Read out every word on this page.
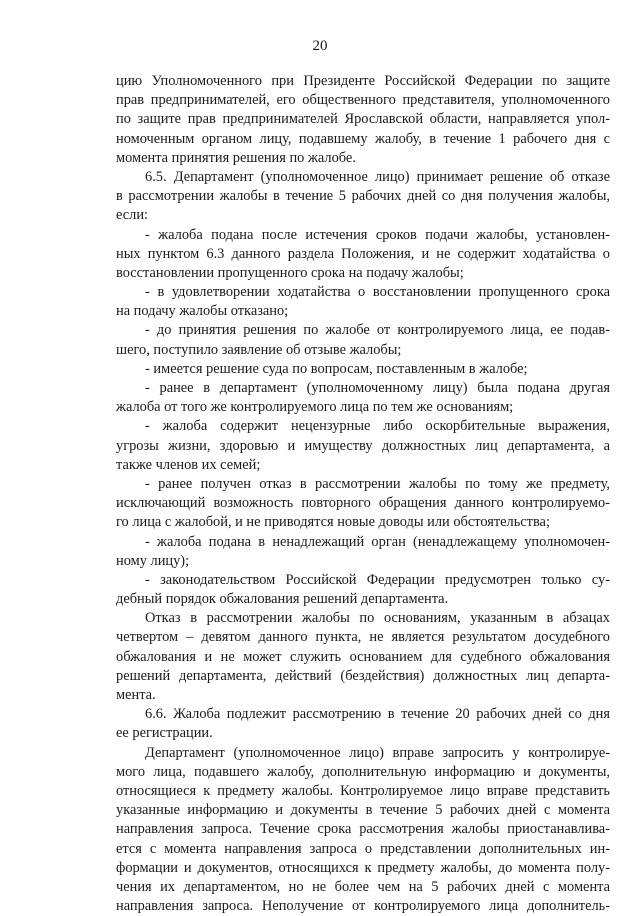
20
цию Уполномоченного при Президенте Российской Федерации по защите
прав предпринимателей, его общественного представителя, уполномоченного
по защите прав предпринимателей Ярославской области, направляется упол-
номоченным органом лицу, подавшему жалобу, в течение 1 рабочего дня с
момента принятия решения по жалобе.
6.5. Департамент (уполномоченное лицо) принимает решение об отказе
в рассмотрении жалобы в течение 5 рабочих дней со дня получения жалобы,
если:
- жалоба подана после истечения сроков подачи жалобы, установлен-
ных пунктом 6.3 данного раздела Положения, и не содержит ходатайства о
восстановлении пропущенного срока на подачу жалобы;
- в удовлетворении ходатайства о восстановлении пропущенного срока
на подачу жалобы отказано;
- до принятия решения по жалобе от контролируемого лица, ее подав-
шего, поступило заявление об отзыве жалобы;
- имеется решение суда по вопросам, поставленным в жалобе;
- ранее в департамент (уполномоченному лицу) была подана другая
жалоба от того же контролируемого лица по тем же основаниям;
- жалоба содержит нецензурные либо оскорбительные выражения,
угрозы жизни, здоровью и имуществу должностных лиц департамента, а
также членов их семей;
- ранее получен отказ в рассмотрении жалобы по тому же предмету,
исключающий возможность повторного обращения данного контролируемо-
го лица с жалобой, и не приводятся новые доводы или обстоятельства;
- жалоба подана в ненадлежащий орган (ненадлежащему уполномочен-
ному лицу);
- законодательством Российской Федерации предусмотрен только су-
дебный порядок обжалования решений департамента.
Отказ в рассмотрении жалобы по основаниям, указанным в абзацах
четвертом – девятом данного пункта, не является результатом досудебного
обжалования и не может служить основанием для судебного обжалования
решений департамента, действий (бездействия) должностных лиц департа-
мента.
6.6. Жалоба подлежит рассмотрению в течение 20 рабочих дней со дня
ее регистрации.
Департамент (уполномоченное лицо) вправе запросить у контролируе-
мого лица, подавшего жалобу, дополнительную информацию и документы,
относящиеся к предмету жалобы. Контролируемое лицо вправе представить
указанные информацию и документы в течение 5 рабочих дней с момента
направления запроса. Течение срока рассмотрения жалобы приостанавлива-
ется с момента направления запроса о представлении дополнительных ин-
формации и документов, относящихся к предмету жалобы, до момента полу-
чения их департаментом, но не более чем на 5 рабочих дней с момента
направления запроса. Неполучение от контролируемого лица дополнитель-
